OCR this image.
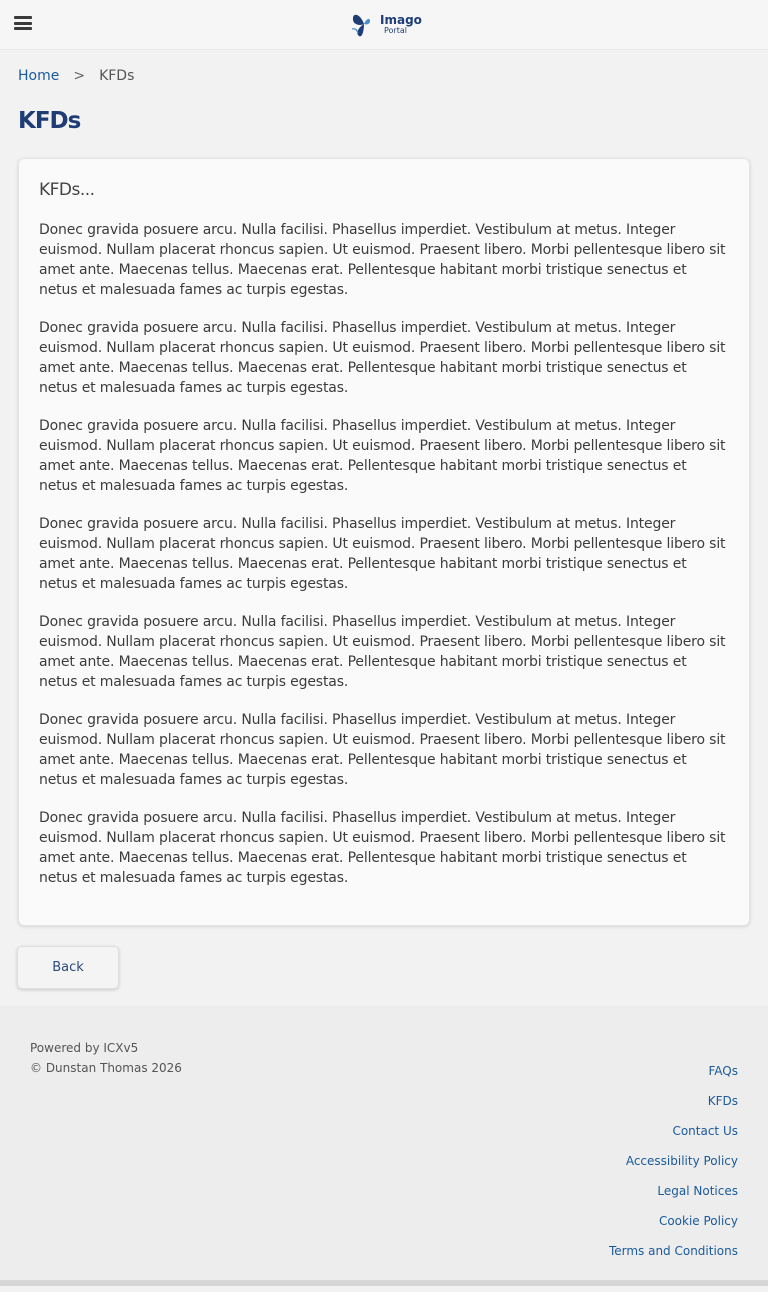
Imago
Portal
Home > KFDs
KFDs
KFDs...

Donec gravida posuere arcu. Nulla facilisi. Phasellus imperdiet. Vestibulum at metus. Integer euismod. Nullam placerat rhoncus sapien. Ut euismod. Praesent libero. Morbi pellentesque libero sit amet ante. Maecenas tellus. Maecenas erat. Pellentesque habitant morbi tristique senectus et netus et malesuada fames ac turpis egestas.

Donec gravida posuere arcu. Nulla facilisi. Phasellus imperdiet. Vestibulum at metus. Integer euismod. Nullam placerat rhoncus sapien. Ut euismod. Praesent libero. Morbi pellentesque libero sit amet ante. Maecenas tellus. Maecenas erat. Pellentesque habitant morbi tristique senectus et netus et malesuada fames ac turpis egestas.

Donec gravida posuere arcu. Nulla facilisi. Phasellus imperdiet. Vestibulum at metus. Integer euismod. Nullam placerat rhoncus sapien. Ut euismod. Praesent libero. Morbi pellentesque libero sit amet ante. Maecenas tellus. Maecenas erat. Pellentesque habitant morbi tristique senectus et netus et malesuada fames ac turpis egestas.

Donec gravida posuere arcu. Nulla facilisi. Phasellus imperdiet. Vestibulum at metus. Integer euismod. Nullam placerat rhoncus sapien. Ut euismod. Praesent libero. Morbi pellentesque libero sit amet ante. Maecenas tellus. Maecenas erat. Pellentesque habitant morbi tristique senectus et netus et malesuada fames ac turpis egestas.

Donec gravida posuere arcu. Nulla facilisi. Phasellus imperdiet. Vestibulum at metus. Integer euismod. Nullam placerat rhoncus sapien. Ut euismod. Praesent libero. Morbi pellentesque libero sit amet ante. Maecenas tellus. Maecenas erat. Pellentesque habitant morbi tristique senectus et netus et malesuada fames ac turpis egestas.

Donec gravida posuere arcu. Nulla facilisi. Phasellus imperdiet. Vestibulum at metus. Integer euismod. Nullam placerat rhoncus sapien. Ut euismod. Praesent libero. Morbi pellentesque libero sit amet ante. Maecenas tellus. Maecenas erat. Pellentesque habitant morbi tristique senectus et netus et malesuada fames ac turpis egestas.

Donec gravida posuere arcu. Nulla facilisi. Phasellus imperdiet. Vestibulum at metus. Integer euismod. Nullam placerat rhoncus sapien. Ut euismod. Praesent libero. Morbi pellentesque libero sit amet ante. Maecenas tellus. Maecenas erat. Pellentesque habitant morbi tristique senectus et netus et malesuada fames ac turpis egestas.

Back
Powered by ICXv5
© Dunstan Thomas 2026	FAQs
KFDs
Contact Us
Accessibility Policy
Legal Notices
Cookie Policy
Terms and Conditions
